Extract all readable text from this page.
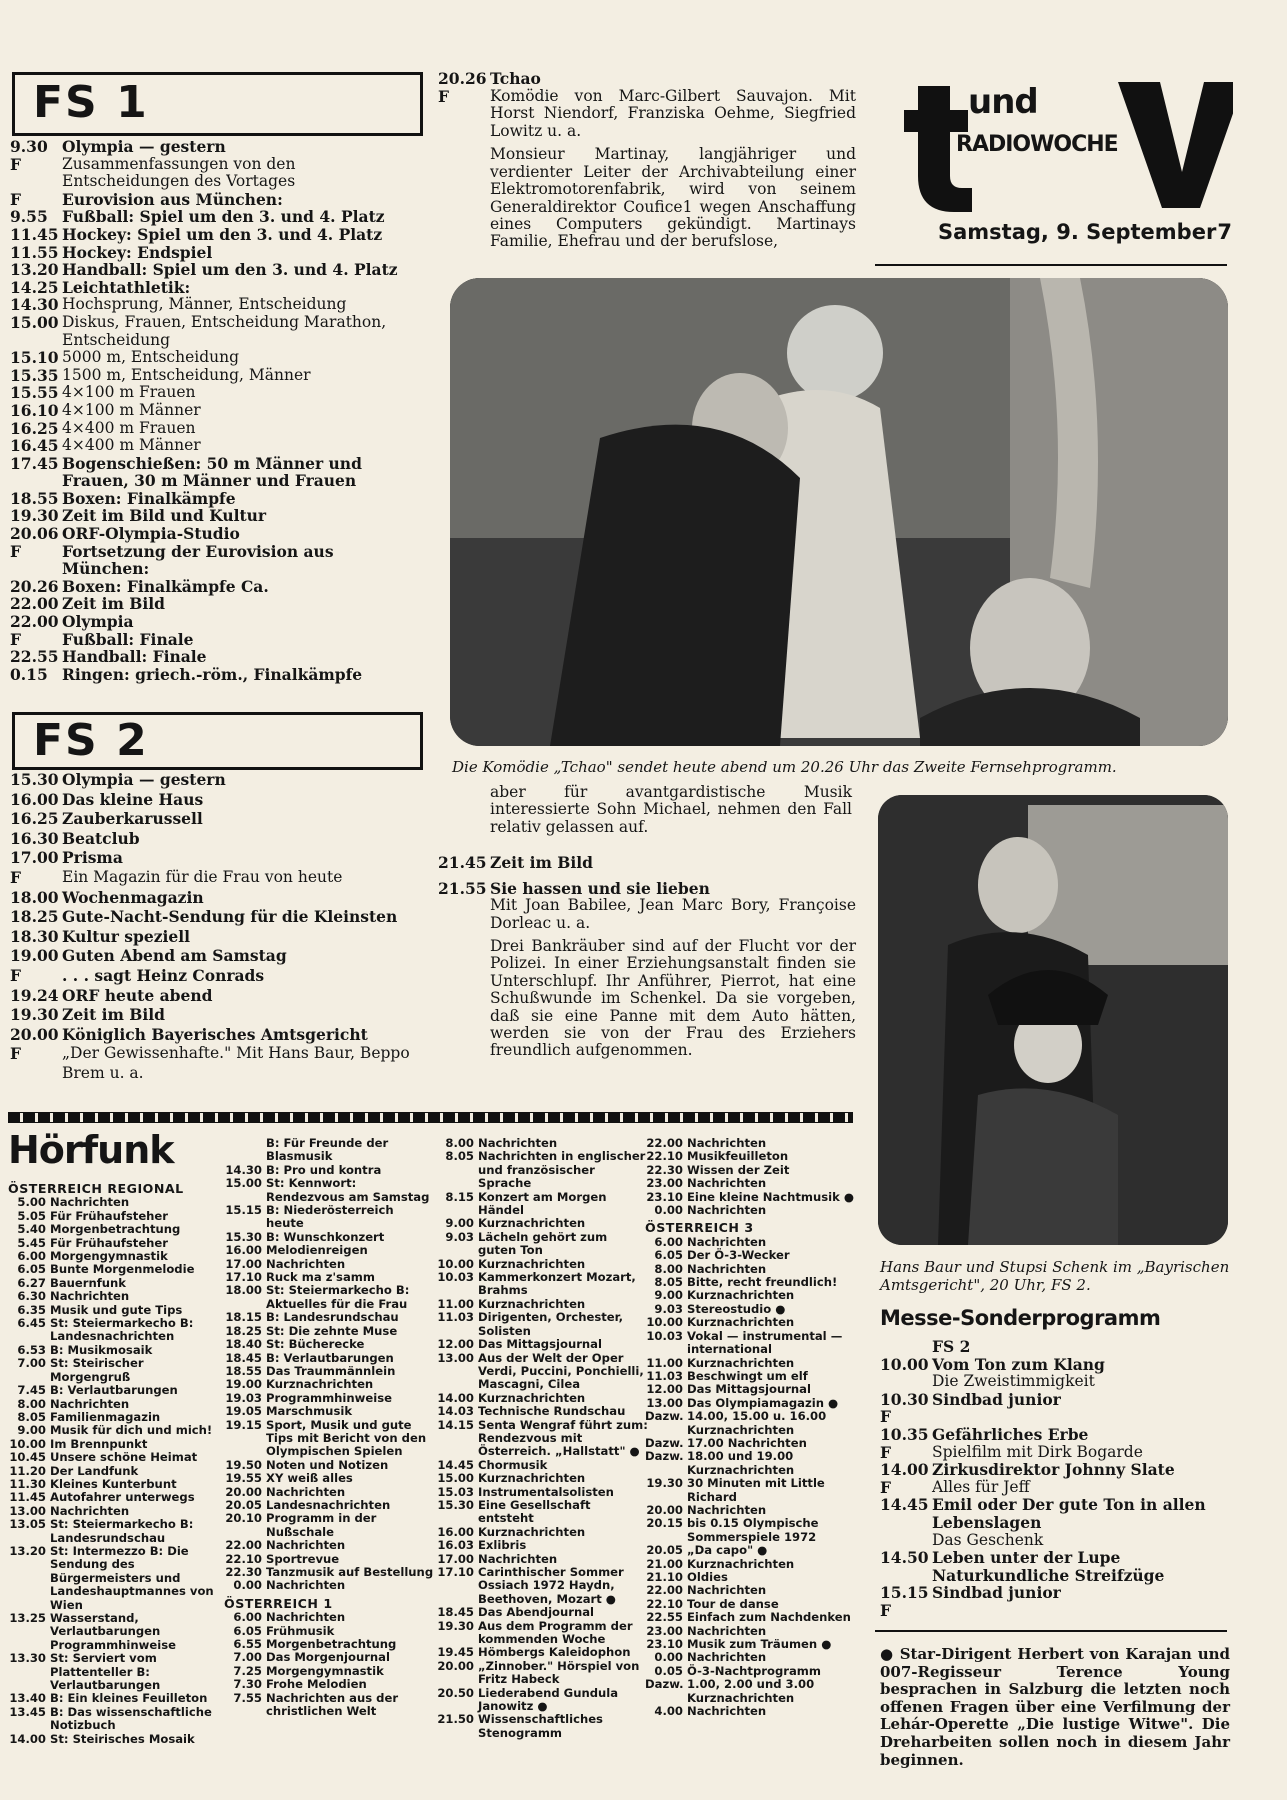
FS 1
9.30 Olympia — gestern
F	Zusammenfassungen von den Entscheidungen des Vortages
F	Eurovision aus München:
9.55 Fußball: Spiel um den 3. und 4. Platz
11.45 Hockey: Spiel um den 3. und 4. Platz
11.55 Hockey: Endspiel
13.20 Handball: Spiel um den 3. und 4. Platz
14.25 Leichtathletik:
14.30 Hochsprung, Männer, Entscheidung
15.00 Diskus, Frauen, Entscheidung Marathon, Entscheidung
15.10 5000 m, Entscheidung
15.35 1500 m, Entscheidung, Männer
15.55 4×100 m Frauen
16.10 4×100 m Männer
16.25 4×400 m Frauen
16.45 4×400 m Männer
17.45 Bogenschießen: 50 m Männer und Frauen, 30 m Männer und Frauen
18.55 Boxen: Finalkämpfe
19.30 Zeit im Bild und Kultur
20.06 ORF-Olympia-Studio
F	Fortsetzung der Eurovision aus München:
20.26 Boxen: Finalkämpfe Ca.
22.00 Zeit im Bild
22.00 Olympia
F	Fußball: Finale
22.55 Handball: Finale
0.15 Ringen: griech.-röm., Finalkämpfe
FS 2
15.30 Olympia — gestern
16.00 Das kleine Haus
16.25 Zauberkarussell
16.30 Beatclub
17.00 Prisma
F	Ein Magazin für die Frau von heute
18.00 Wochenmagazin
18.25 Gute-Nacht-Sendung für die Kleinsten
18.30 Kultur speziell
19.00 Guten Abend am Samstag
F	. . . sagt Heinz Conrads
19.24 ORF heute abend
19.30 Zeit im Bild
20.00 Königlich Bayerisches Amtsgericht
F	„Der Gewissenhafte." Mit Hans Baur, Beppo Brem u. a.
20.26 Tchao
F	Komödie von Marc-Gilbert Sauvajon. Mit Horst Niendorf, Franziska Oehme, Siegfried Lowitz u. a.
Monsieur Martinay, langjähriger und verdienter Leiter der Archivabteilung einer Elektromotorenfabrik, wird von seinem Generaldirektor Coufice1 wegen Anschaffung eines Computers gekündigt. Martinays Familie, Ehefrau und der berufslose,
und
RADIOWOCHE
Samstag, 9. September 7
Die Komödie „Tchao" sendet heute abend um 20.26 Uhr das Zweite Fernsehprogramm.
aber für avantgardistische Musik interessierte Sohn Michael, nehmen den Fall relativ gelassen auf.
21.45 Zeit im Bild
21.55 Sie hassen und sie lieben
Mit Joan Babilee, Jean Marc Bory, Françoise Dorleac u. a.
Drei Bankräuber sind auf der Flucht vor der Polizei. In einer Erziehungsanstalt finden sie Unterschlupf. Ihr Anführer, Pierrot, hat eine Schußwunde im Schenkel. Da sie vorgeben, daß sie eine Panne mit dem Auto hätten, werden sie von der Frau des Erziehers freundlich aufgenommen.
Hans Baur und Stupsi Schenk im „Bayrischen Amtsgericht", 20 Uhr, FS 2.
Messe-Sonderprogramm
FS 2
10.00 Vom Ton zum Klang
Die Zweistimmigkeit
10.30 Sindbad junior
F
10.35 Gefährliches Erbe
F	Spielfilm mit Dirk Bogarde
14.00 Zirkusdirektor Johnny Slate
F	Alles für Jeff
14.45 Emil oder Der gute Ton in allen Lebenslagen
Das Geschenk
14.50 Leben unter der Lupe
Naturkundliche Streifzüge
15.15 Sindbad junior
F
● Star-Dirigent Herbert von Karajan und 007-Regisseur Terence Young besprachen in Salzburg die letzten noch offenen Fragen über eine Verfilmung der Lehár-Operette „Die lustige Witwe". Die Dreharbeiten sollen noch in diesem Jahr beginnen.
Hörfunk
ÖSTERREICH REGIONAL
5.00 Nachrichten
5.05 Für Frühaufsteher
5.40 Morgenbetrachtung
5.45 Für Frühaufsteher
6.00 Morgengymnastik
6.05 Bunte Morgenmelodie
6.27 Bauernfunk
6.30 Nachrichten
6.35 Musik und gute Tips
6.45 St: Steiermarkecho B: Landesnachrichten
6.53 B: Musikmosaik
7.00 St: Steirischer Morgengruß
7.45 B: Verlautbarungen
8.00 Nachrichten
8.05 Familienmagazin
9.00 Musik für dich und mich!
10.00 Im Brennpunkt
10.45 Unsere schöne Heimat
11.20 Der Landfunk
11.30 Kleines Kunterbunt
11.45 Autofahrer unterwegs
13.00 Nachrichten
13.05 St: Steiermarkecho B: Landesrundschau
13.20 St: Intermezzo B: Die Sendung des Bürgermeisters und Landeshauptmannes von Wien
13.25 Wasserstand, Verlautbarungen Programmhinweise
13.30 St: Serviert vom Plattenteller B: Verlautbarungen
13.40 B: Ein kleines Feuilleton
13.45 B: Das wissenschaftliche Notizbuch
14.00 St: Steirisches Mosaik
B: Für Freunde der Blasmusik
14.30 B: Pro und kontra
15.00 St: Kennwort: Rendezvous am Samstag
15.15 B: Niederösterreich heute
15.30 B: Wunschkonzert
16.00 Melodienreigen
17.00 Nachrichten
17.10 Ruck ma z'samm
18.00 St: Steiermarkecho B: Aktuelles für die Frau
18.15 B: Landesrundschau
18.25 St: Die zehnte Muse
18.40 St: Bücherecke
18.45 B: Verlautbarungen
18.55 Das Traummännlein
19.00 Kurznachrichten
19.03 Programmhinweise
19.05 Marschmusik
19.15 Sport, Musik und gute Tips mit Bericht von den Olympischen Spielen
19.50 Noten und Notizen
19.55 XY weiß alles
20.00 Nachrichten
20.05 Landesnachrichten
20.10 Programm in der Nußschale
22.00 Nachrichten
22.10 Sportrevue
22.30 Tanzmusik auf Bestellung
0.00 Nachrichten
ÖSTERREICH 1
6.00 Nachrichten
6.05 Frühmusik
6.55 Morgenbetrachtung
7.00 Das Morgenjournal
7.25 Morgengymnastik
7.30 Frohe Melodien
7.55 Nachrichten aus der christlichen Welt
8.00 Nachrichten
8.05 Nachrichten in englischer und französischer Sprache
8.15 Konzert am Morgen Händel
9.00 Kurznachrichten
9.03 Lächeln gehört zum guten Ton
10.00 Kurznachrichten
10.03 Kammerkonzert Mozart, Brahms
11.00 Kurznachrichten
11.03 Dirigenten, Orchester, Solisten
12.00 Das Mittagsjournal
13.00 Aus der Welt der Oper Verdi, Puccini, Ponchielli, Mascagni, Cilea
14.00 Kurznachrichten
14.03 Technische Rundschau
14.15 Senta Wengraf führt zum: Rendezvous mit Österreich. „Hallstatt" ●
14.45 Chormusik
15.00 Kurznachrichten
15.03 Instrumentalsolisten
15.30 Eine Gesellschaft entsteht
16.00 Kurznachrichten
16.03 Exlibris
17.00 Nachrichten
17.10 Carinthischer Sommer Ossiach 1972 Haydn, Beethoven, Mozart ●
18.45 Das Abendjournal
19.30 Aus dem Programm der kommenden Woche
19.45 Hömbergs Kaleidophon
20.00 „Zinnober." Hörspiel von Fritz Habeck
20.50 Liederabend Gundula Janowitz ●
21.50 Wissenschaftliches Stenogramm
22.00 Nachrichten
22.10 Musikfeuilleton
22.30 Wissen der Zeit
23.00 Nachrichten
23.10 Eine kleine Nachtmusik ●
0.00 Nachrichten
ÖSTERREICH 3
6.00 Nachrichten
6.05 Der Ö-3-Wecker
8.00 Nachrichten
8.05 Bitte, recht freundlich!
9.00 Kurznachrichten
9.03 Stereostudio ●
10.00 Kurznachrichten
10.03 Vokal — instrumental — international
11.00 Kurznachrichten
11.03 Beschwingt um elf
12.00 Das Mittagsjournal
13.00 Das Olympiamagazin ●
Dazw. 14.00, 15.00 u. 16.00 Kurznachrichten
Dazw. 17.00 Nachrichten
Dazw. 18.00 und 19.00 Kurznachrichten
19.30 30 Minuten mit Little Richard
20.00 Nachrichten
20.15 bis 0.15 Olympische Sommerspiele 1972
20.05 „Da capo" ●
21.00 Kurznachrichten
21.10 Oldies
22.00 Nachrichten
22.10 Tour de danse
22.55 Einfach zum Nachdenken
23.00 Nachrichten
23.10 Musik zum Träumen ●
0.00 Nachrichten
0.05 Ö-3-Nachtprogramm
Dazw. 1.00, 2.00 und 3.00 Kurznachrichten
4.00 Nachrichten
